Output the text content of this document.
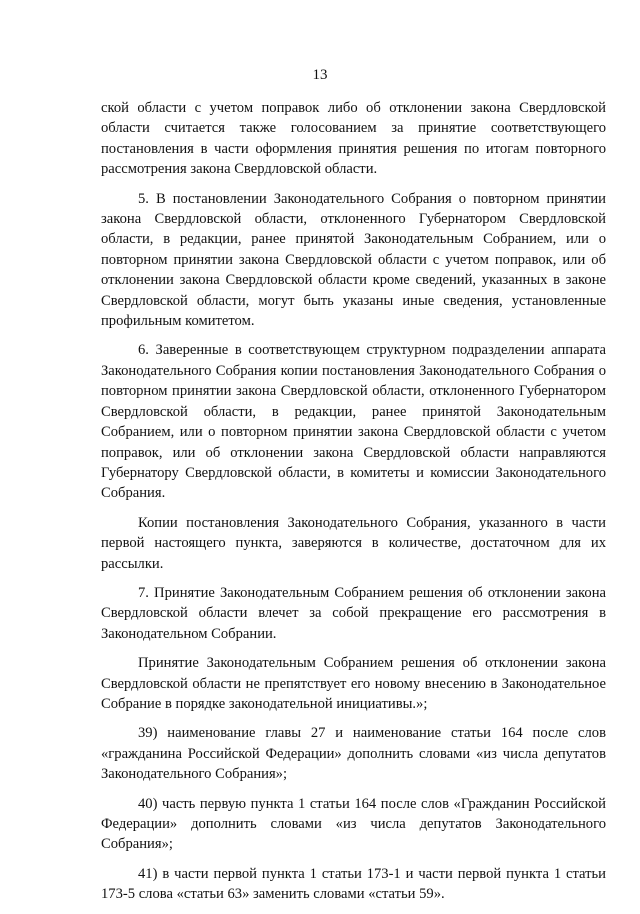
13

ской области с учетом поправок либо об отклонении закона Свердловской области считается также голосованием за принятие соответствующего постановления в части оформления принятия решения по итогам повторного рассмотрения закона Свердловской области.

5. В постановлении Законодательного Собрания о повторном принятии закона Свердловской области, отклоненного Губернатором Свердловской области, в редакции, ранее принятой Законодательным Собранием, или о повторном принятии закона Свердловской области с учетом поправок, или об отклонении закона Свердловской области кроме сведений, указанных в законе Свердловской области, могут быть указаны иные сведения, установленные профильным комитетом.

6. Заверенные в соответствующем структурном подразделении аппарата Законодательного Собрания копии постановления Законодательного Собрания о повторном принятии закона Свердловской области, отклоненного Губернатором Свердловской области, в редакции, ранее принятой Законодательным Собранием, или о повторном принятии закона Свердловской области с учетом поправок, или об отклонении закона Свердловской области направляются Губернатору Свердловской области, в комитеты и комиссии Законодательного Собрания.

Копии постановления Законодательного Собрания, указанного в части первой настоящего пункта, заверяются в количестве, достаточном для их рассылки.

7. Принятие Законодательным Собранием решения об отклонении закона Свердловской области влечет за собой прекращение его рассмотрения в Законодательном Собрании.

Принятие Законодательным Собранием решения об отклонении закона Свердловской области не препятствует его новому внесению в Законодательное Собрание в порядке законодательной инициативы.»;

39) наименование главы 27 и наименование статьи 164 после слов «гражданина Российской Федерации» дополнить словами «из числа депутатов Законодательного Собрания»;

40) часть первую пункта 1 статьи 164 после слов «Гражданин Российской Федерации» дополнить словами «из числа депутатов Законодательного Собрания»;

41) в части первой пункта 1 статьи 173-1 и части первой пункта 1 статьи 173-5 слова «статьи 63» заменить словами «статьи 59».
